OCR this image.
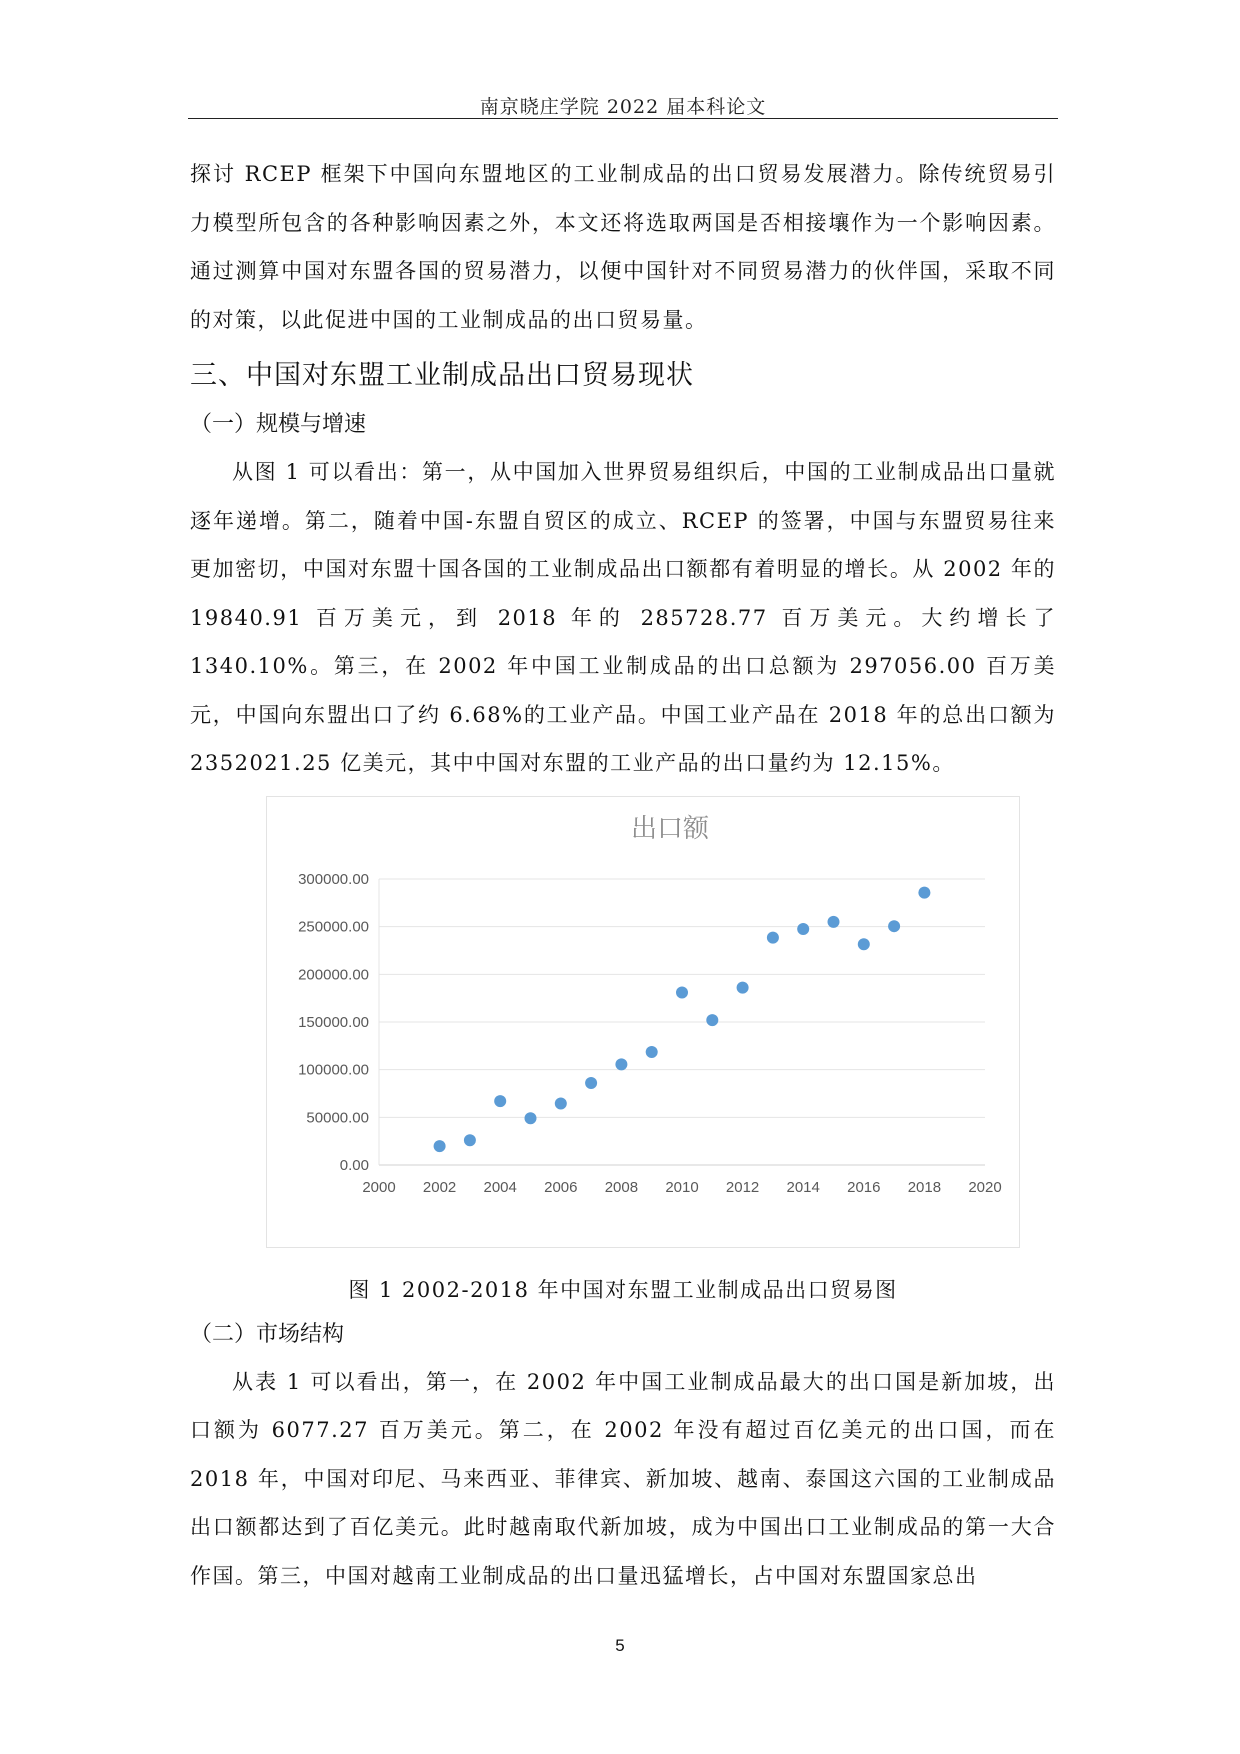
南京晓庄学院 2022 届本科论文

探讨 RCEP 框架下中国向东盟地区的工业制成品的出口贸易发展潜力。除传统贸易引力模型所包含的各种影响因素之外，本文还将选取两国是否相接壤作为一个影响因素。通过测算中国对东盟各国的贸易潜力，以便中国针对不同贸易潜力的伙伴国，采取不同的对策，以此促进中国的工业制成品的出口贸易量。

三、中国对东盟工业制成品出口贸易现状
（一）规模与增速

从图 1 可以看出：第一，从中国加入世界贸易组织后，中国的工业制成品出口量就逐年递增。第二，随着中国-东盟自贸区的成立、RCEP 的签署，中国与东盟贸易往来更加密切，中国对东盟十国各国的工业制成品出口额都有着明显的增长。从 2002 年的 19840.91 百万美元，到 2018 年的 285728.77 百万美元。大约增长了 1340.10%。第三，在 2002 年中国工业制成品的出口总额为 297056.00 百万美元，中国向东盟出口了约 6.68%的工业产品。中国工业产品在 2018 年的总出口额为 2352021.25 亿美元，其中中国对东盟的工业产品的出口量约为 12.15%。

出口额
0.00
50000.00
100000.00
150000.00
200000.00
250000.00
300000.00
2000 2002 2004 2006 2008 2010 2012 2014 2016 2018 2020

图 1 2002-2018 年中国对东盟工业制成品出口贸易图

（二）市场结构

从表 1 可以看出，第一，在 2002 年中国工业制成品最大的出口国是新加坡，出口额为 6077.27 百万美元。第二，在 2002 年没有超过百亿美元的出口国，而在 2018 年，中国对印尼、马来西亚、菲律宾、新加坡、越南、泰国这六国的工业制成品出口额都达到了百亿美元。此时越南取代新加坡，成为中国出口工业制成品的第一大合作国。第三，中国对越南工业制成品的出口量迅猛增长，占中国对东盟国家总出

5
